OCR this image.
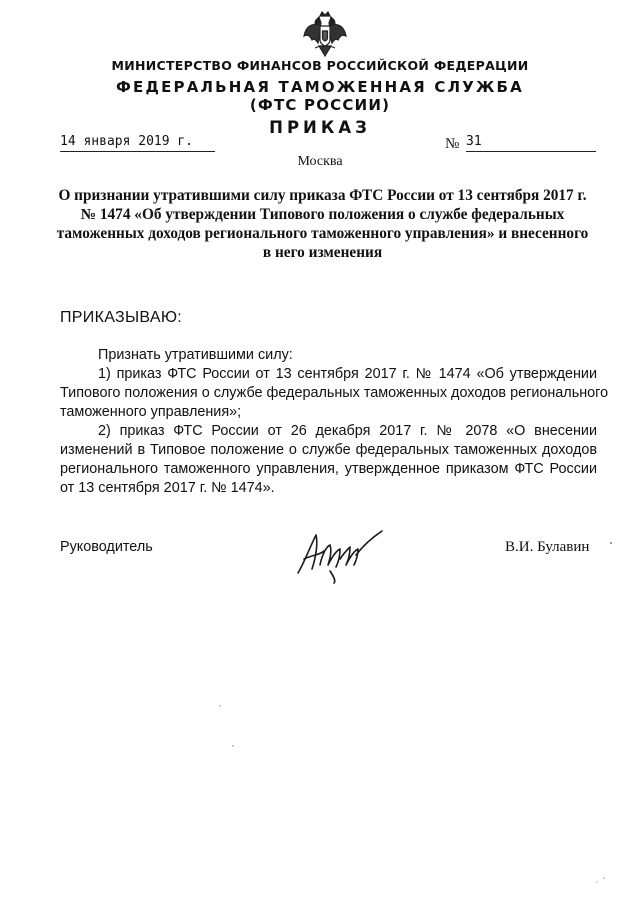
МИНИСТЕРСТВО ФИНАНСОВ РОССИЙСКОЙ ФЕДЕРАЦИИ
ФЕДЕРАЛЬНАЯ ТАМОЖЕННАЯ СЛУЖБА
(ФТС РОССИИ)
ПРИКАЗ
14 января 2019 г.	№ 31
Москва
О признании утратившими силу приказа ФТС России от 13 сентября 2017 г.
№ 1474 «Об утверждении Типового положения о службе федеральных
таможенных доходов регионального таможенного управления» и внесенного
в него изменения
ПРИКАЗЫВАЮ:
Признать утратившими силу:
1) приказ ФТС России от 13 сентября 2017 г. № 1474 «Об утверждении
Типового положения о службе федеральных таможенных доходов регионального
таможенного управления»;
2) приказ ФТС России от 26 декабря 2017 г. № 2078 «О внесении
изменений в Типовое положение о службе федеральных таможенных доходов
регионального таможенного управления, утвержденное приказом ФТС России
от 13 сентября 2017 г. № 1474».
Руководитель	В.И. Булавин
